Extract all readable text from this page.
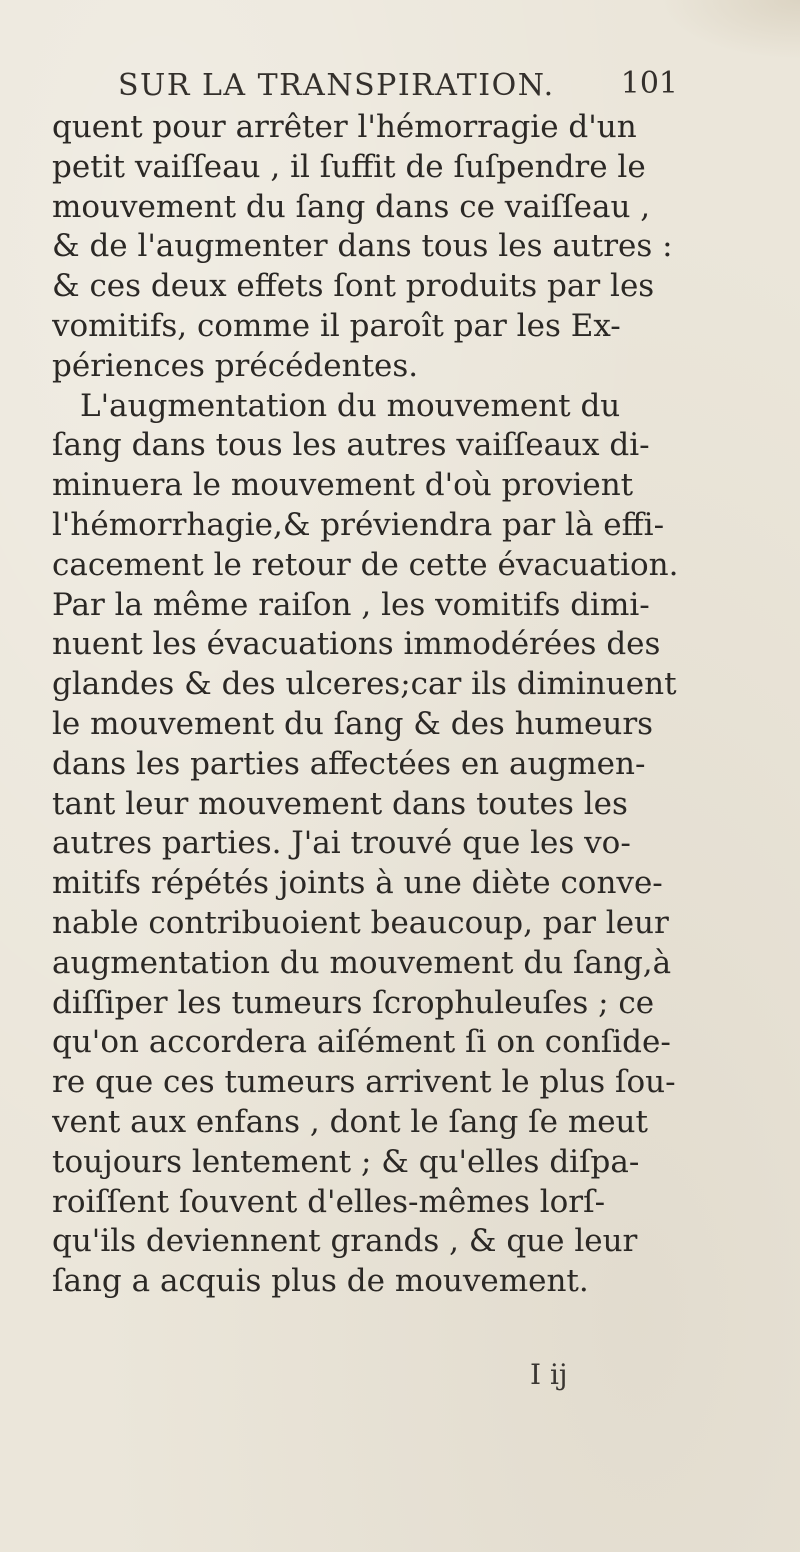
SUR LA TRANSPIRATION. 101
quent pour arrêter l'hémorragie d'un
petit vaiſſeau , il ſuffit de ſuſpendre le
mouvement du ſang dans ce vaiſſeau ,
& de l'augmenter dans tous les autres :
& ces deux effets ſont produits par les
vomitifs, comme il paroît par les Ex-
périences précédentes.
L'augmentation du mouvement du
ſang dans tous les autres vaiſſeaux di-
minuera le mouvement d'où provient
l'hémorrhagie,& préviendra par là effi-
cacement le retour de cette évacuation.
Par la même raiſon , les vomitifs dimi-
nuent les évacuations immodérées des
glandes & des ulceres;car ils diminuent
le mouvement du ſang & des humeurs
dans les parties affectées en augmen-
tant leur mouvement dans toutes les
autres parties. J'ai trouvé que les vo-
mitifs répétés joints à une diète conve-
nable contribuoient beaucoup, par leur
augmentation du mouvement du ſang,à
diſſiper les tumeurs ſcrophuleuſes ; ce
qu'on accordera aiſément ſi on conſide-
re que ces tumeurs arrivent le plus ſou-
vent aux enfans , dont le ſang ſe meut
toujours lentement ; & qu'elles diſpa-
roiſſent ſouvent d'elles-mêmes lorſ-
qu'ils deviennent grands , & que leur
ſang a acquis plus de mouvement.
I ij
